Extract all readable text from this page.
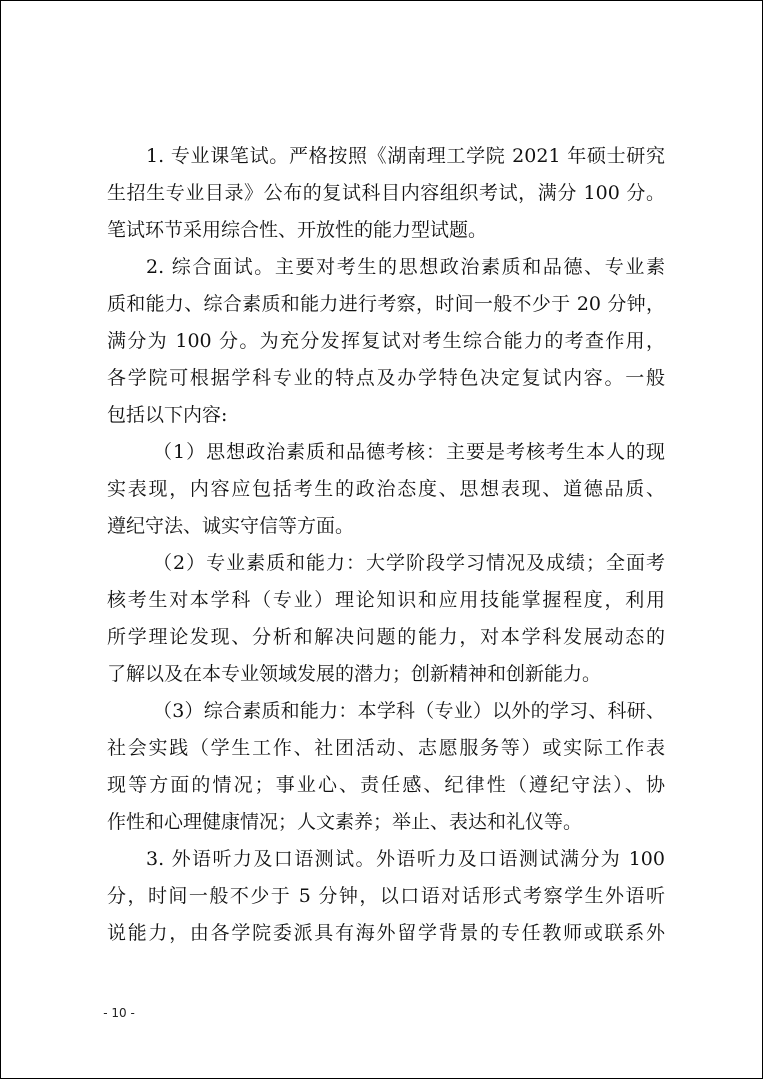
1. 专业课笔试。严格按照《湖南理工学院 2021 年硕士研究

生招生专业目录》公布的复试科目内容组织考试，满分 100 分。

笔试环节采用综合性、开放性的能力型试题。

2. 综合面试。主要对考生的思想政治素质和品德、专业素

质和能力、综合素质和能力进行考察，时间一般不少于 20 分钟，

满分为 100 分。为充分发挥复试对考生综合能力的考查作用，

各学院可根据学科专业的特点及办学特色决定复试内容。一般

包括以下内容:

（1）思想政治素质和品德考核：主要是考核考生本人的现

实表现，内容应包括考生的政治态度、思想表现、道德品质、

遵纪守法、诚实守信等方面。

（2）专业素质和能力：大学阶段学习情况及成绩；全面考

核考生对本学科（专业）理论知识和应用技能掌握程度，利用

所学理论发现、分析和解决问题的能力，对本学科发展动态的

了解以及在本专业领域发展的潜力；创新精神和创新能力。

（3）综合素质和能力：本学科（专业）以外的学习、科研、

社会实践（学生工作、社团活动、志愿服务等）或实际工作表

现等方面的情况；事业心、责任感、纪律性（遵纪守法）、协

作性和心理健康情况；人文素养；举止、表达和礼仪等。

3. 外语听力及口语测试。外语听力及口语测试满分为 100

分，时间一般不少于 5 分钟，以口语对话形式考察学生外语听

说能力，由各学院委派具有海外留学背景的专任教师或联系外

- 10 -
